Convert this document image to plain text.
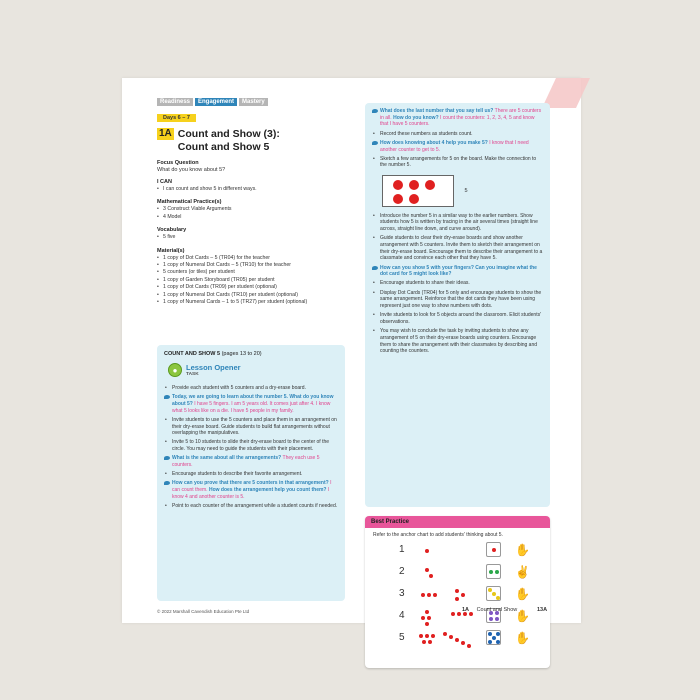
Readiness	Engagement	Mastery
Days 6 – 7
1A Count and Show (3):
Count and Show 5
Focus Question
What do you know about 5?
I CAN
• I can count and show 5 in different ways.
Mathematical Practice(s)
• 3 Construct Viable Arguments
• 4 Model
Vocabulary
• 5 five
Material(s)
• 1 copy of Dot Cards – 5 (TR04) for the teacher
• 1 copy of Numeral Dot Cards – 5 (TR10) for the teacher
• 5 counters (or tiles) per student
• 1 copy of Garden Storyboard (TR05) per student
• 1 copy of Dot Cards (TR09) per student (optional)
• 1 copy of Numeral Dot Cards (TR10) per student (optional)
• 1 copy of Numeral Cards – 1 to 5 (TR27) per student (optional)
COUNT AND SHOW 5 (pages 13 to 20)
●	Lesson Opener
TASK
• Provide each student with 5 counters and a dry-erase board.
Today, we are going to learn about the number 5. What do you know about 5? I have 5 fingers. I am 5 years old. It comes just after 4. I know what 5 looks like on a die. I have 5 people in my family.
• Invite students to use the 5 counters and place them in an arrangement on their dry-erase board. Guide students to build flat arrangements without overlapping the manipulatives.
• Invite 5 to 10 students to slide their dry-erase board to the center of the circle. You may need to guide the students with their placement.
What is the same about all the arrangements? They each use 5 counters.
• Encourage students to describe their favorite arrangement.
How can you prove that there are 5 counters in that arrangement? I can count them. How does the arrangement help you count them? I know 4 and another counter is 5.
• Point to each counter of the arrangement while a student counts if needed.
What does the last number that you say tell us? There are 5 counters in all. How do you know? I count the counters: 1, 2, 3, 4, 5 and know that I have 5 counters.
• Record these numbers as students count.
How does knowing about 4 help you make 5? I know that I need another counter to get to 5.
• Sketch a few arrangements for 5 on the board. Make the connection to the number 5.
5
• Introduce the number 5 in a similar way to the earlier numbers. Show students how 5 is written by tracing in the air several times (straight line across, straight line down, and curve around).
• Guide students to clear their dry-erase boards and show another arrangement with 5 counters. Invite them to sketch their arrangement on their dry-erase board. Encourage them to describe their arrangement to a classmate and convince each other that they have 5.
How can you show 5 with your fingers? Can you imagine what the dot card for 5 might look like?
• Encourage students to share their ideas.
• Display Dot Cards (TR04) for 5 only and encourage students to show the same arrangement. Reinforce that the dot cards they have been using represent just one way to show numbers with dots.
• Invite students to look for 5 objects around the classroom. Elicit students' observations.
• You may wish to conclude the task by inviting students to show any arrangement of 5 on their dry-erase boards using counters. Encourage them to share the arrangement with their classmates by describing and counting the counters.
Best Practice
Refer to the anchor chart to add students' thinking about 5.
1	✋
2	✌
3	✋
4	✋
5	✋
© 2022 Marshall Cavendish Education Pte Ltd	1A Count and Show	13A
